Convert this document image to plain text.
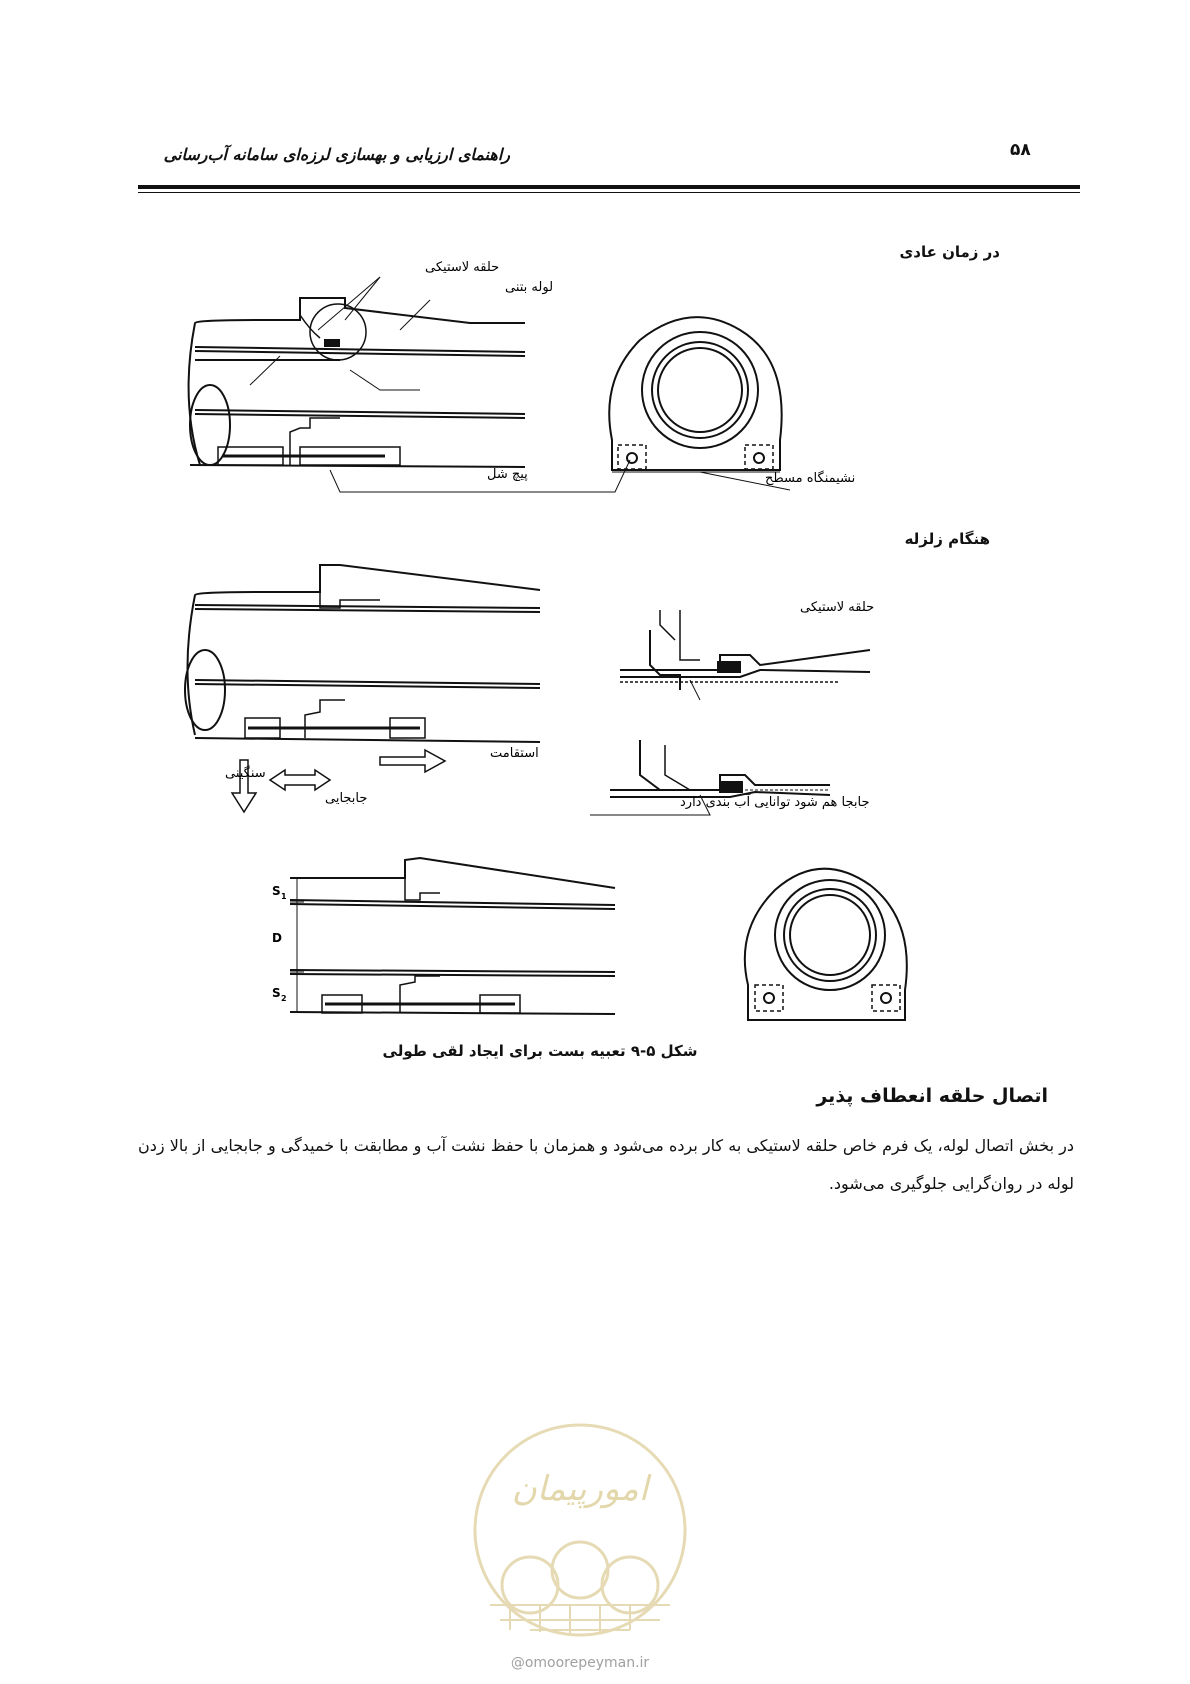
۵۸
راهنمای ارزیابی و بهسازی لرزه‌ای سامانه آب‌رسانی
در زمان عادی
هنگام زلزله
حلقه لاستیکی
لوله بتنی
پیچ شل	نشیمنگاه مسطح
حلقه لاستیکی
استقامت
سنگینی
جابجایی	جابجا هم شود توانایی آب بندی دارد
S 1
D
S 2
شکل ۵-۹ تعبیه بست برای ایجاد لقی طولی
اتصال حلقه انعطاف پذیر
در بخش اتصال لوله، یک فرم خاص حلقه لاستیکی به کار برده می‌شود و همزمان با حفظ نشت آب و مطابقت با خمیدگی و جابجایی از بالا زدن لوله در روان‌گرایی جلوگیری می‌شود.
امورپیمان
@omoorepeyman.ir
